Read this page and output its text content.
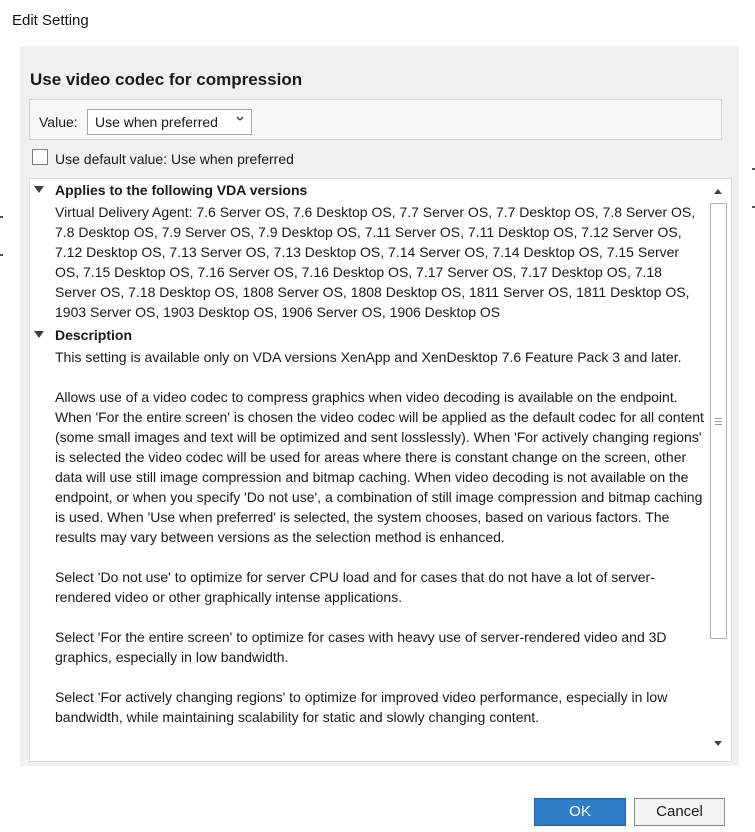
Edit Setting
Use video codec for compression
Value: Use when preferred
Use default value: Use when preferred
Applies to the following VDA versions
Virtual Delivery Agent: 7.6 Server OS, 7.6 Desktop OS, 7.7 Server OS, 7.7 Desktop OS, 7.8 Server OS, 7.8 Desktop OS, 7.9 Server OS, 7.9 Desktop OS, 7.11 Server OS, 7.11 Desktop OS, 7.12 Server OS, 7.12 Desktop OS, 7.13 Server OS, 7.13 Desktop OS, 7.14 Server OS, 7.14 Desktop OS, 7.15 Server OS, 7.15 Desktop OS, 7.16 Server OS, 7.16 Desktop OS, 7.17 Server OS, 7.17 Desktop OS, 7.18 Server OS, 7.18 Desktop OS, 1808 Server OS, 1808 Desktop OS, 1811 Server OS, 1811 Desktop OS, 1903 Server OS, 1903 Desktop OS, 1906 Server OS, 1906 Desktop OS
Description

This setting is available only on VDA versions XenApp and XenDesktop 7.6 Feature Pack 3 and later.

Allows use of a video codec to compress graphics when video decoding is available on the endpoint. When 'For the entire screen' is chosen the video codec will be applied as the default codec for all content (some small images and text will be optimized and sent losslessly). When 'For actively changing regions' is selected the video codec will be used for areas where there is constant change on the screen, other data will use still image compression and bitmap caching. When video decoding is not available on the endpoint, or when you specify 'Do not use', a combination of still image compression and bitmap caching is used. When 'Use when preferred' is selected, the system chooses, based on various factors. The results may vary between versions as the selection method is enhanced.

Select 'Do not use' to optimize for server CPU load and for cases that do not have a lot of server-rendered video or other graphically intense applications.

Select 'For the entire screen' to optimize for cases with heavy use of server-rendered video and 3D graphics, especially in low bandwidth.

Select 'For actively changing regions' to optimize for improved video performance, especially in low bandwidth, while maintaining scalability for static and slowly changing content.

OK	Cancel
